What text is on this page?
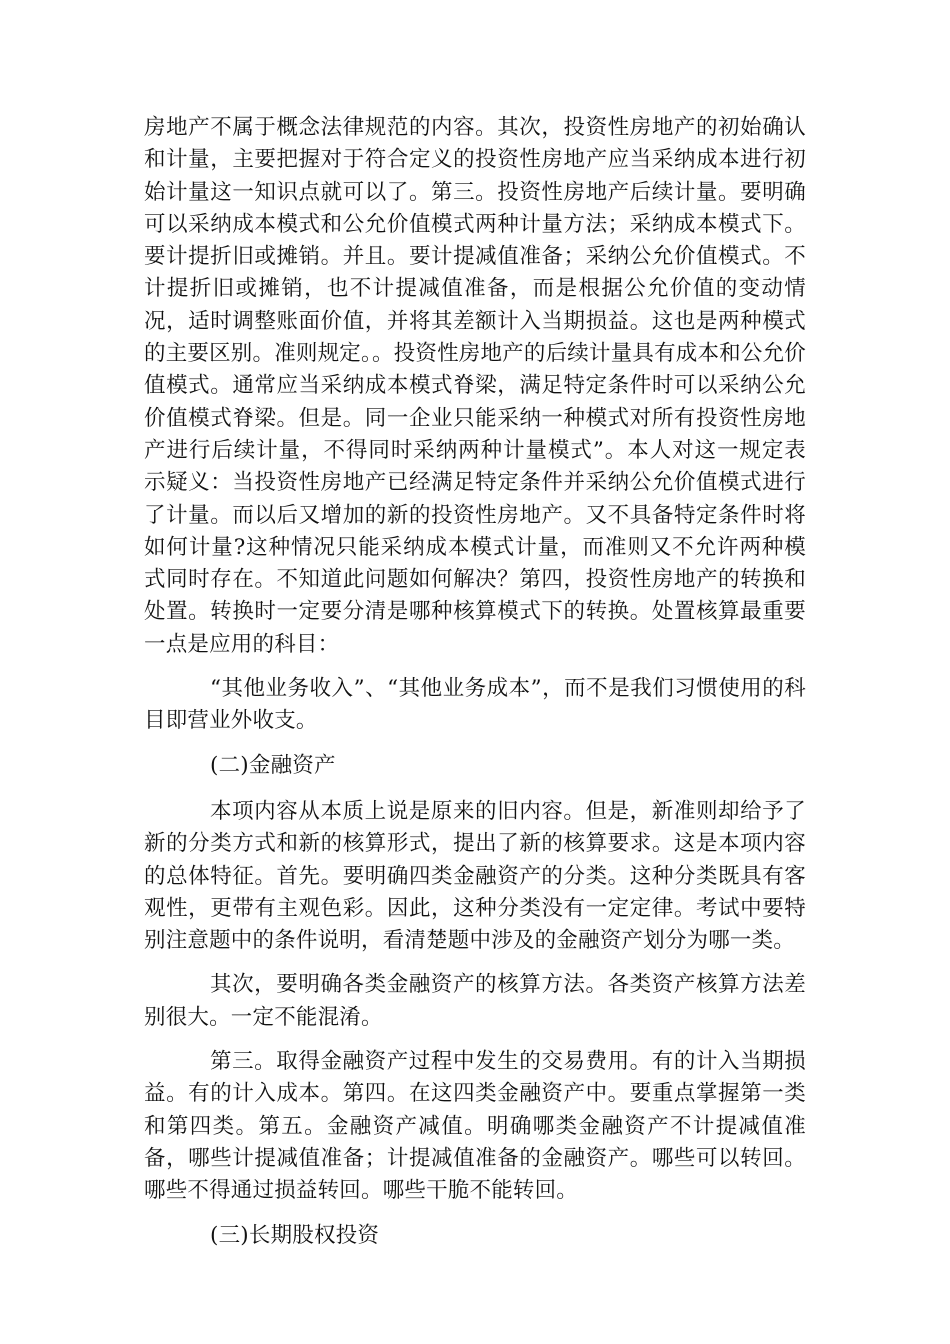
房地产不属于概念法律规范的内容。其次，投资性房地产的初始确认和计量，主要把握对于符合定义的投资性房地产应当采纳成本进行初始计量这一知识点就可以了。第三。投资性房地产后续计量。要明确可以采纳成本模式和公允价值模式两种计量方法；采纳成本模式下。要计提折旧或摊销。并且。要计提减值准备；采纳公允价值模式。不计提折旧或摊销，也不计提减值准备，而是根据公允价值的变动情况，适时调整账面价值，并将其差额计入当期损益。这也是两种模式的主要区别。准则规定。。投资性房地产的后续计量具有成本和公允价值模式。通常应当采纳成本模式脊梁，满足特定条件时可以采纳公允价值模式脊梁。但是。同一企业只能采纳一种模式对所有投资性房地产进行后续计量，不得同时采纳两种计量模式”。本人对这一规定表示疑义：当投资性房地产已经满足特定条件并采纳公允价值模式进行了计量。而以后又增加的新的投资性房地产。又不具备特定条件时将如何计量?这种情况只能采纳成本模式计量，而准则又不允许两种模式同时存在。不知道此问题如何解决？第四，投资性房地产的转换和处置。转换时一定要分清是哪种核算模式下的转换。处置核算最重要一点是应用的科目：

“其他业务收入”、“其他业务成本”，而不是我们习惯使用的科目即营业外收支。

(二)金融资产

本项内容从本质上说是原来的旧内容。但是，新准则却给予了新的分类方式和新的核算形式，提出了新的核算要求。这是本项内容的总体特征。首先。要明确四类金融资产的分类。这种分类既具有客观性，更带有主观色彩。因此，这种分类没有一定定律。考试中要特别注意题中的条件说明，看清楚题中涉及的金融资产划分为哪一类。

其次，要明确各类金融资产的核算方法。各类资产核算方法差别很大。一定不能混淆。

第三。取得金融资产过程中发生的交易费用。有的计入当期损益。有的计入成本。第四。在这四类金融资产中。要重点掌握第一类和第四类。第五。金融资产减值。明确哪类金融资产不计提减值准备，哪些计提减值准备；计提减值准备的金融资产。哪些可以转回。哪些不得通过损益转回。哪些干脆不能转回。

(三)长期股权投资
